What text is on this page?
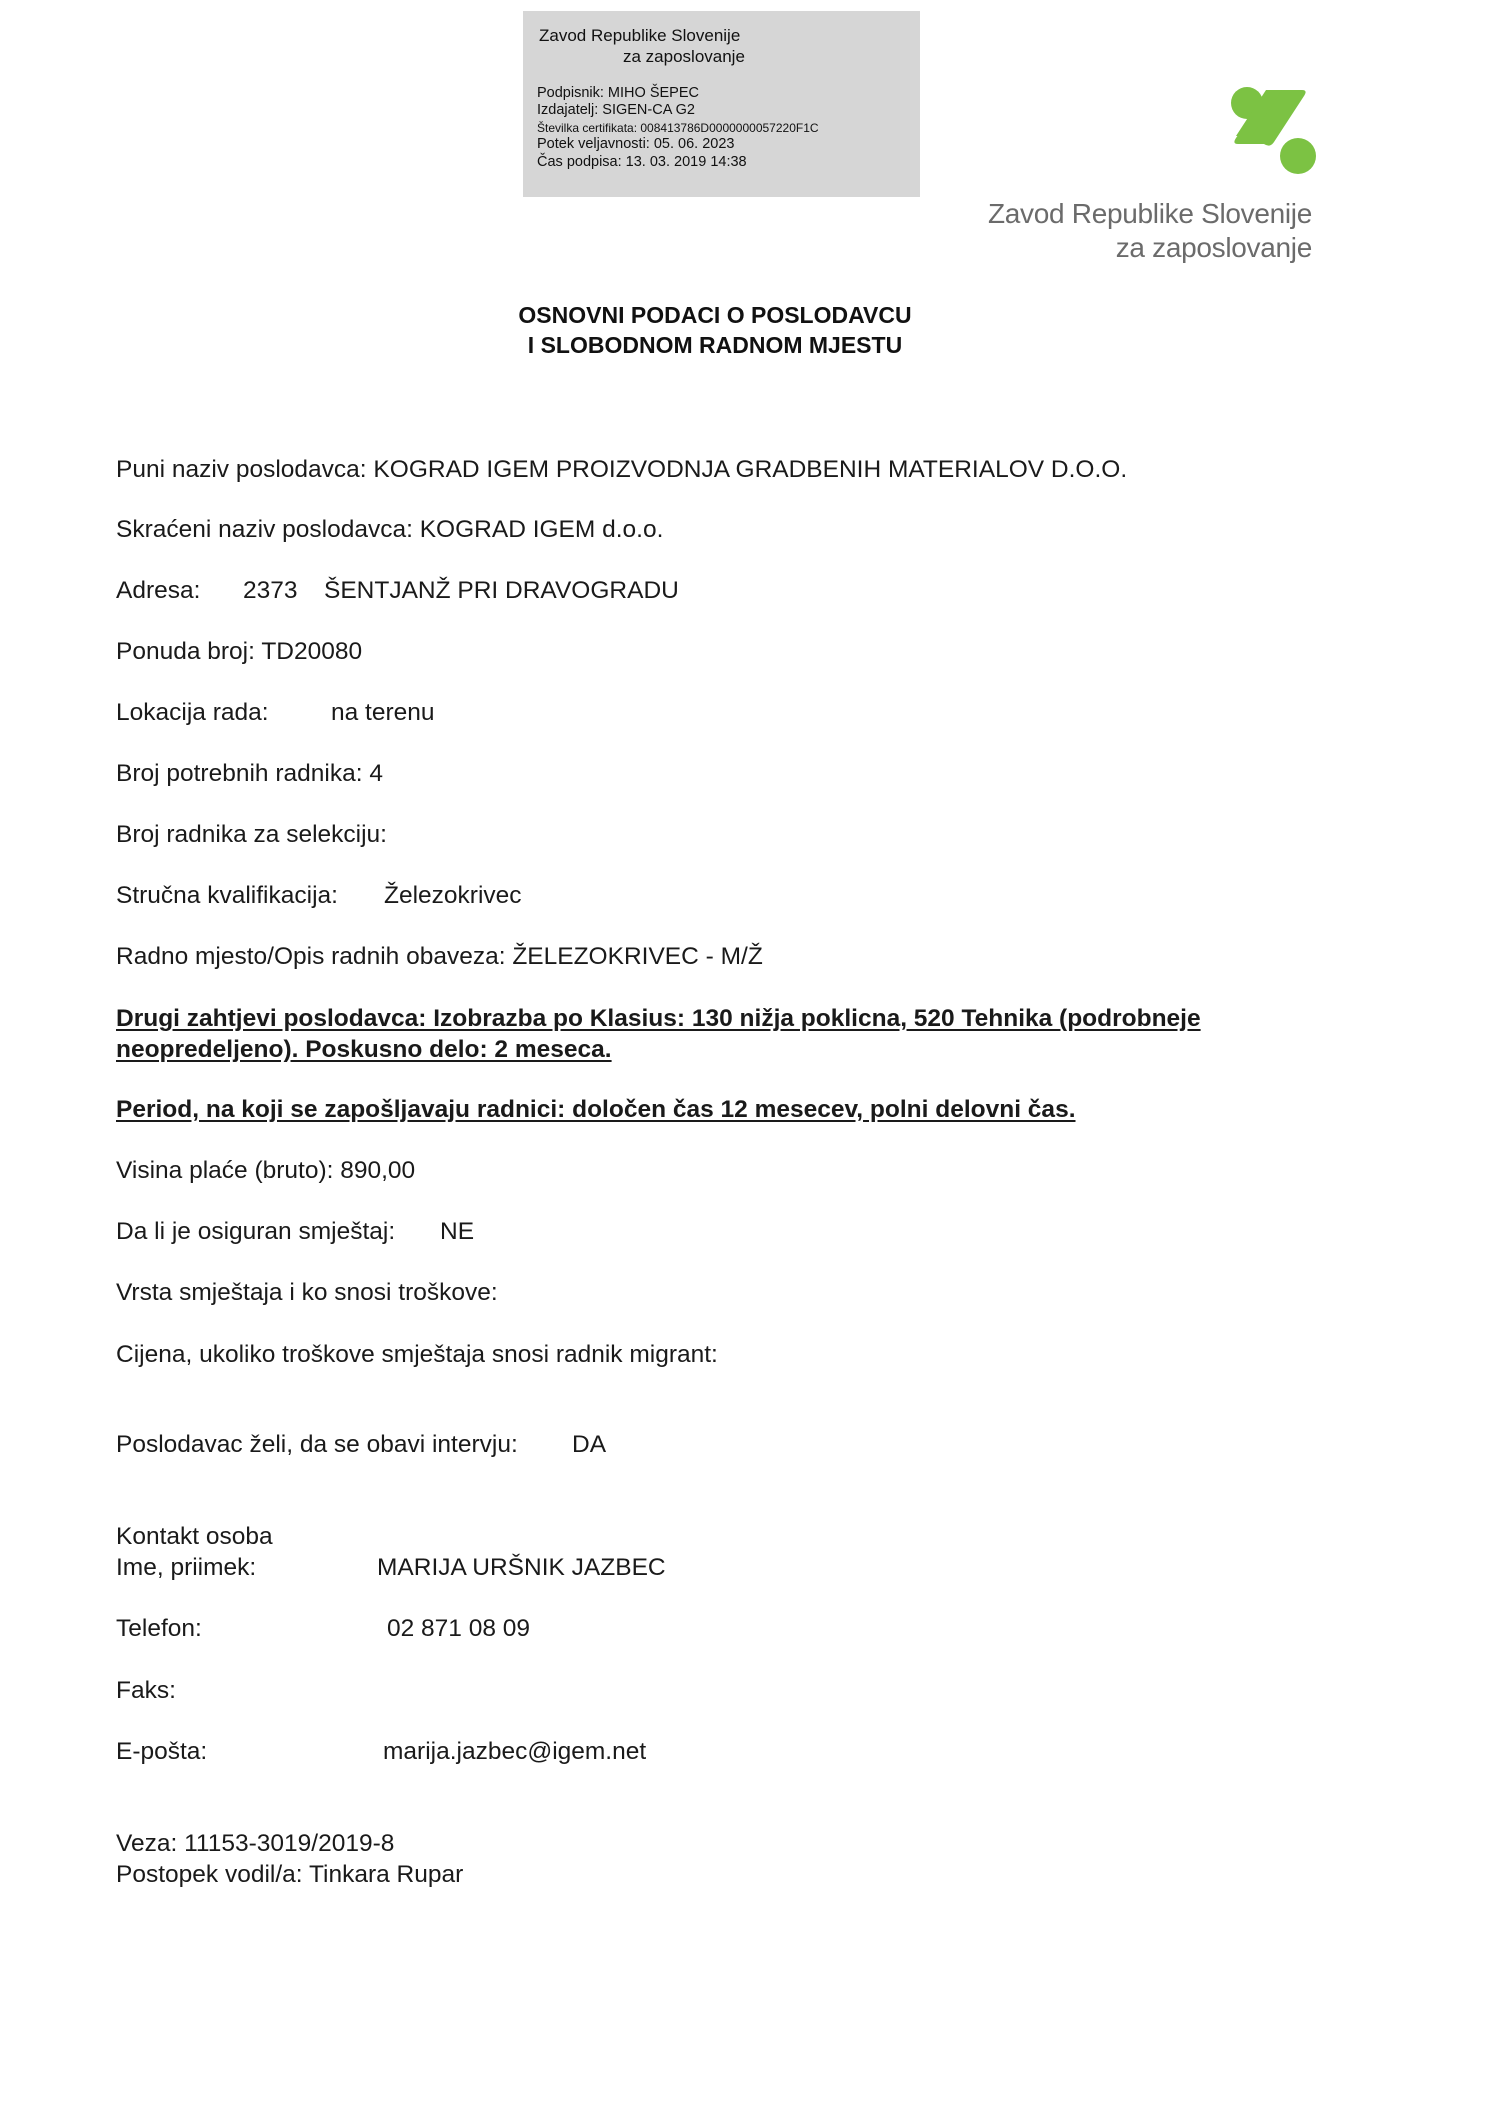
Zavod Republike Slovenije
za zaposlovanje
Podpisnik: MIHO ŠEPEC
Izdajatelj: SIGEN-CA G2
Številka certifikata: 008413786D0000000057220F1C
Potek veljavnosti: 05. 06. 2023
Čas podpisa: 13. 03. 2019 14:38
Zavod Republike Slovenije
za zaposlovanje
OSNOVNI PODACI O POSLODAVCU
I SLOBODNOM RADNOM MJESTU
Puni naziv poslodavca: KOGRAD IGEM PROIZVODNJA GRADBENIH MATERIALOV D.O.O.
Skraćeni naziv poslodavca: KOGRAD IGEM d.o.o.
Adresa: 2373 ŠENTJANŽ PRI DRAVOGRADU
Ponuda broj: TD20080
Lokacija rada:	na terenu
Broj potrebnih radnika: 4
Broj radnika za selekciju:
Stručna kvalifikacija: Železokrivec
Radno mjesto/Opis radnih obaveza: ŽELEZOKRIVEC - M/Ž
Drugi zahtjevi poslodavca: Izobrazba po Klasius: 130 nižja poklicna, 520 Tehnika (podrobneje
neopredeljeno). Poskusno delo: 2 meseca.
Period, na koji se zapošljavaju radnici: določen čas 12 mesecev, polni delovni čas.
Visina plaće (bruto): 890,00
Da li je osiguran smještaj: NE
Vrsta smještaja i ko snosi troškove:
Cijena, ukoliko troškove smještaja snosi radnik migrant:
Poslodavac želi, da se obavi intervju: DA
Kontakt osoba
Ime, priimek:	MARIJA URŠNIK JAZBEC
Telefon:	02 871 08 09
Faks:
E-pošta:	marija.jazbec@igem.net
Veza: 11153-3019/2019-8
Postopek vodil/a: Tinkara Rupar
